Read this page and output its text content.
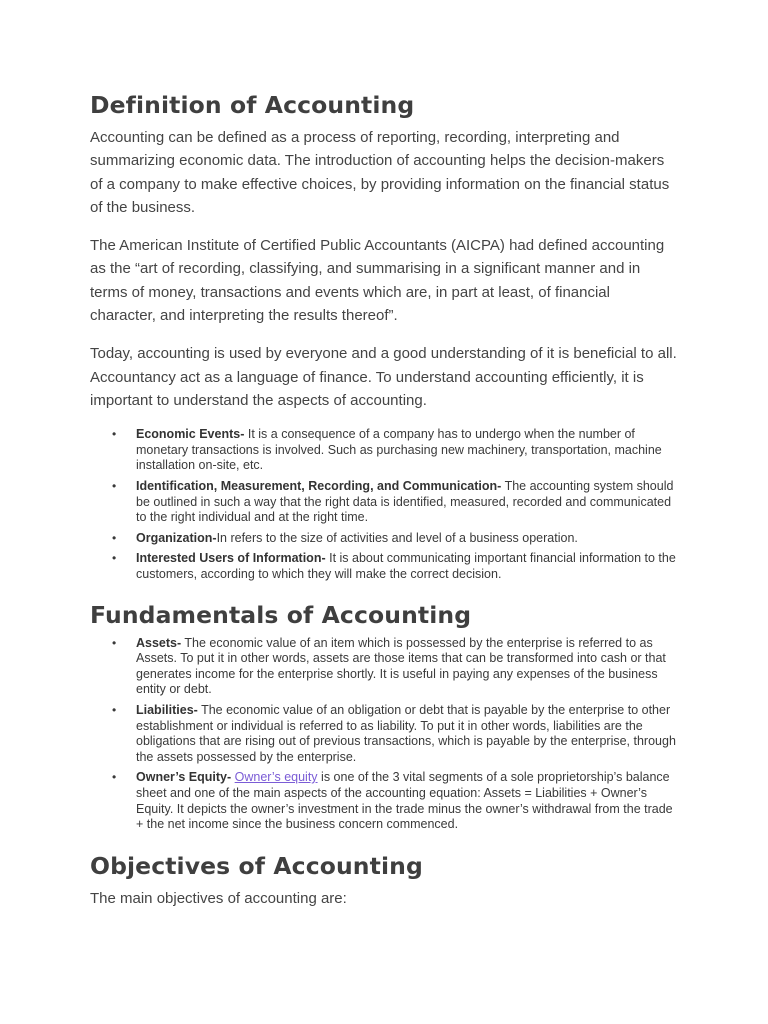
Definition of Accounting

Accounting can be defined as a process of reporting, recording, interpreting and summarizing economic data. The introduction of accounting helps the decision-makers of a company to make effective choices, by providing information on the financial status of the business.

The American Institute of Certified Public Accountants (AICPA) had defined accounting as the “art of recording, classifying, and summarising in a significant manner and in terms of money, transactions and events which are, in part at least, of financial character, and interpreting the results thereof”.

Today, accounting is used by everyone and a good understanding of it is beneficial to all. Accountancy act as a language of finance. To understand accounting efficiently, it is important to understand the aspects of accounting.

• Economic Events- It is a consequence of a company has to undergo when the number of monetary transactions is involved. Such as purchasing new machinery, transportation, machine installation on-site, etc.
• Identification, Measurement, Recording, and Communication- The accounting system should be outlined in such a way that the right data is identified, measured, recorded and communicated to the right individual and at the right time.
• Organization-In refers to the size of activities and level of a business operation.
• Interested Users of Information- It is about communicating important financial information to the customers, according to which they will make the correct decision.
Fundamentals of Accounting
• Assets- The economic value of an item which is possessed by the enterprise is referred to as Assets. To put it in other words, assets are those items that can be transformed into cash or that generates income for the enterprise shortly. It is useful in paying any expenses of the business entity or debt.
• Liabilities- The economic value of an obligation or debt that is payable by the enterprise to other establishment or individual is referred to as liability. To put it in other words, liabilities are the obligations that are rising out of previous transactions, which is payable by the enterprise, through the assets possessed by the enterprise.
• Owner’s Equity- Owner’s equity is one of the 3 vital segments of a sole proprietorship’s balance sheet and one of the main aspects of the accounting equation: Assets = Liabilities + Owner’s Equity. It depicts the owner’s investment in the trade minus the owner’s withdrawal from the trade + the net income since the business concern commenced.
Objectives of Accounting

The main objectives of accounting are:
